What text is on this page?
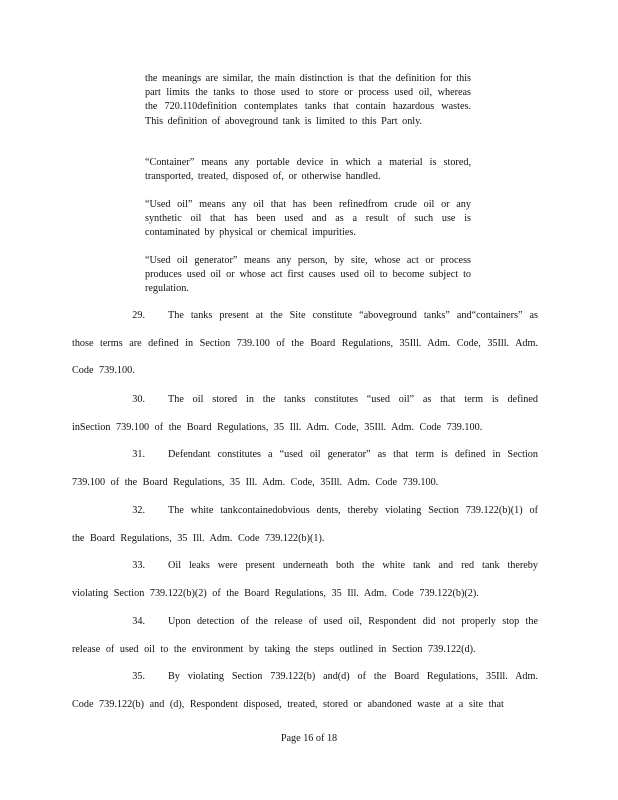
the meanings are similar, the main distinction is that the definition for this part limits the tanks to those used to store or process used oil, whereas the 720.110definition contemplates tanks that contain hazardous wastes. This definition of aboveground tank is limited to this Part only.

“Container” means any portable device in which a material is stored, transported, treated, disposed of, or otherwise handled.

“Used oil” means any oil that has been refinedfrom crude oil or any synthetic oil that has been used and as a result of such use is contaminated by physical or chemical impurities.

“Used oil generator” means any person, by site, whose act or process produces used oil or whose act first causes used oil to become subject to regulation.

29. The tanks present at the Site constitute “aboveground tanks” and“containers” as those terms are defined in Section 739.100 of the Board Regulations, 35Ill. Adm. Code, 35Ill. Adm. Code 739.100.
30. The oil stored in the tanks constitutes “used oil” as that term is defined inSection 739.100 of the Board Regulations, 35 Ill. Adm. Code, 35Ill. Adm. Code 739.100.
31. Defendant constitutes a “used oil generator” as that term is defined in Section 739.100 of the Board Regulations, 35 Ill. Adm. Code, 35Ill. Adm. Code 739.100.
32. The white tankcontainedobvious dents, thereby violating Section 739.122(b)(1) of the Board Regulations, 35 Ill. Adm. Code 739.122(b)(1).
33. Oil leaks were present underneath both the white tank and red tank thereby violating Section 739.122(b)(2) of the Board Regulations, 35 Ill. Adm. Code 739.122(b)(2).
34. Upon detection of the release of used oil, Respondent did not properly stop the release of used oil to the environment by taking the steps outlined in Section 739.122(d).
35. By violating Section 739.122(b) and(d) of the Board Regulations, 35Ill. Adm. Code 739.122(b) and (d), Respondent disposed, treated, stored or abandoned waste at a site that
Page 16 of 18
